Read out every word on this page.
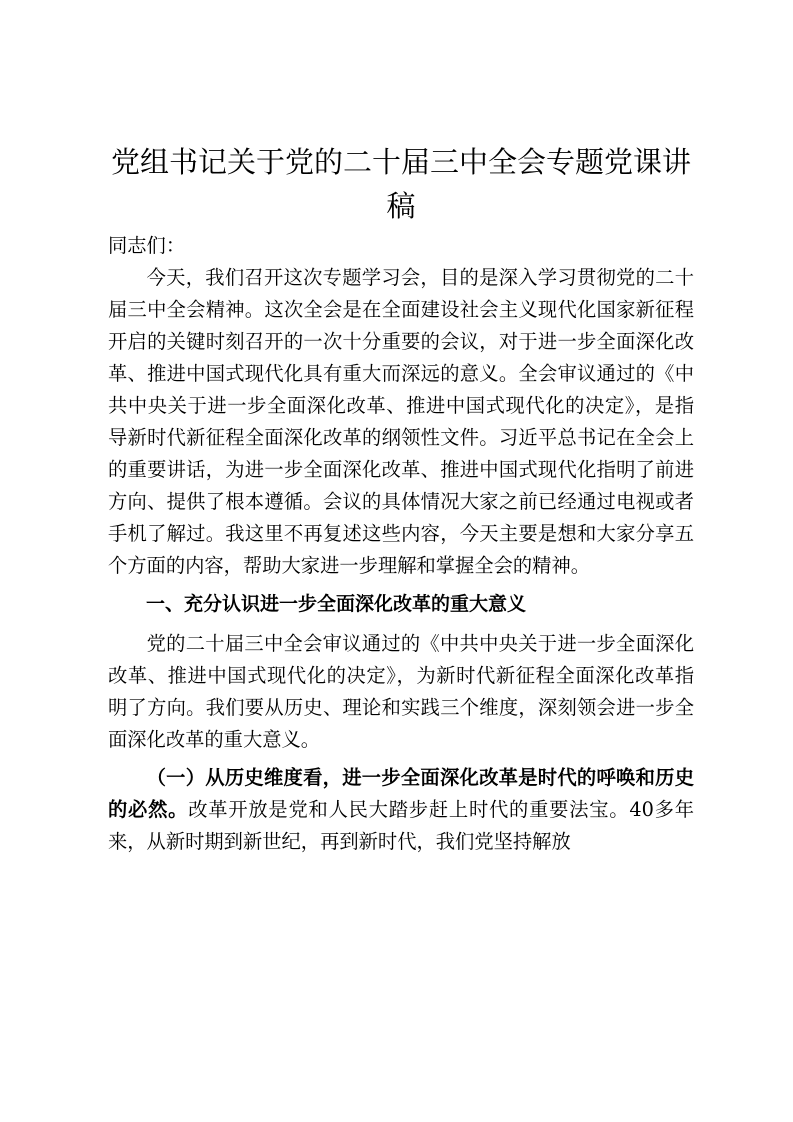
党组书记关于党的二十届三中全会专题党课讲稿

同志们：

今天，我们召开这次专题学习会，目的是深入学习贯彻党的二十届三中全会精神。这次全会是在全面建设社会主义现代化国家新征程开启的关键时刻召开的一次十分重要的会议，对于进一步全面深化改革、推进中国式现代化具有重大而深远的意义。全会审议通过的《中共中央关于进一步全面深化改革、推进中国式现代化的决定》，是指导新时代新征程全面深化改革的纲领性文件。习近平总书记在全会上的重要讲话，为进一步全面深化改革、推进中国式现代化指明了前进方向、提供了根本遵循。会议的具体情况大家之前已经通过电视或者手机了解过。我这里不再复述这些内容，今天主要是想和大家分享五个方面的内容，帮助大家进一步理解和掌握全会的精神。

一、充分认识进一步全面深化改革的重大意义

党的二十届三中全会审议通过的《中共中央关于进一步全面深化改革、推进中国式现代化的决定》，为新时代新征程全面深化改革指明了方向。我们要从历史、理论和实践三个维度，深刻领会进一步全面深化改革的重大意义。

（一）从历史维度看，进一步全面深化改革是时代的呼唤和历史的必然。改革开放是党和人民大踏步赶上时代的重要法宝。40多年来，从新时期到新世纪，再到新时代，我们党坚持解放
